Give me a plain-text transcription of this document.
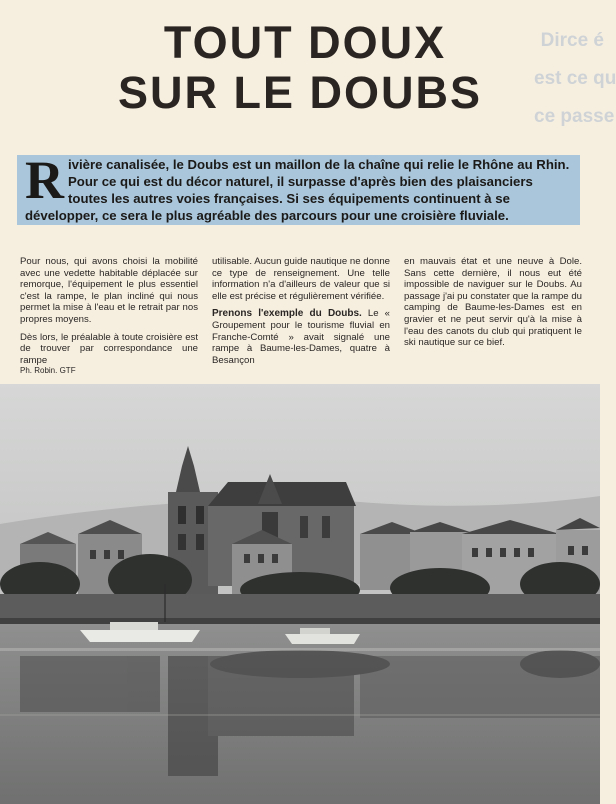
Dirce é
est ce qu
ce passe
TOUT DOUX
SUR LE DOUBS
R ivière canalisée, le Doubs est un maillon de la chaîne qui relie le Rhône au Rhin. Pour ce qui est du décor naturel, il surpasse d'après bien des plaisanciers toutes les autres voies françaises. Si ses équipements continuent à se développer, ce sera le plus agréable des parcours pour une croisière fluviale.

Pour nous, qui avons choisi la mobilité avec une vedette habitable déplacée sur remorque, l'équipement le plus essentiel c'est la rampe, le plan incliné qui nous permet la mise à l'eau et le retrait par nos propres moyens.

Dès lors, le préalable à toute croisière est de trouver par correspondance une rampe

utilisable. Aucun guide nautique ne donne ce type de renseignement. Une telle information n'a d'ailleurs de valeur que si elle est précise et régulièrement vérifiée.

Prenons l'exemple du Doubs. Le « Groupement pour le tourisme fluvial en Franche-Comté » avait signalé une rampe à Baume-les-Dames, quatre à Besançon

en mauvais état et une neuve à Dole. Sans cette dernière, il nous eut été impossible de naviguer sur le Doubs. Au passage j'ai pu constater que la rampe du camping de Baume-les-Dames est en gravier et ne peut servir qu'à la mise à l'eau des canots du club qui pratiquent le ski nautique sur ce bief.

Ph. Robin. GTF
